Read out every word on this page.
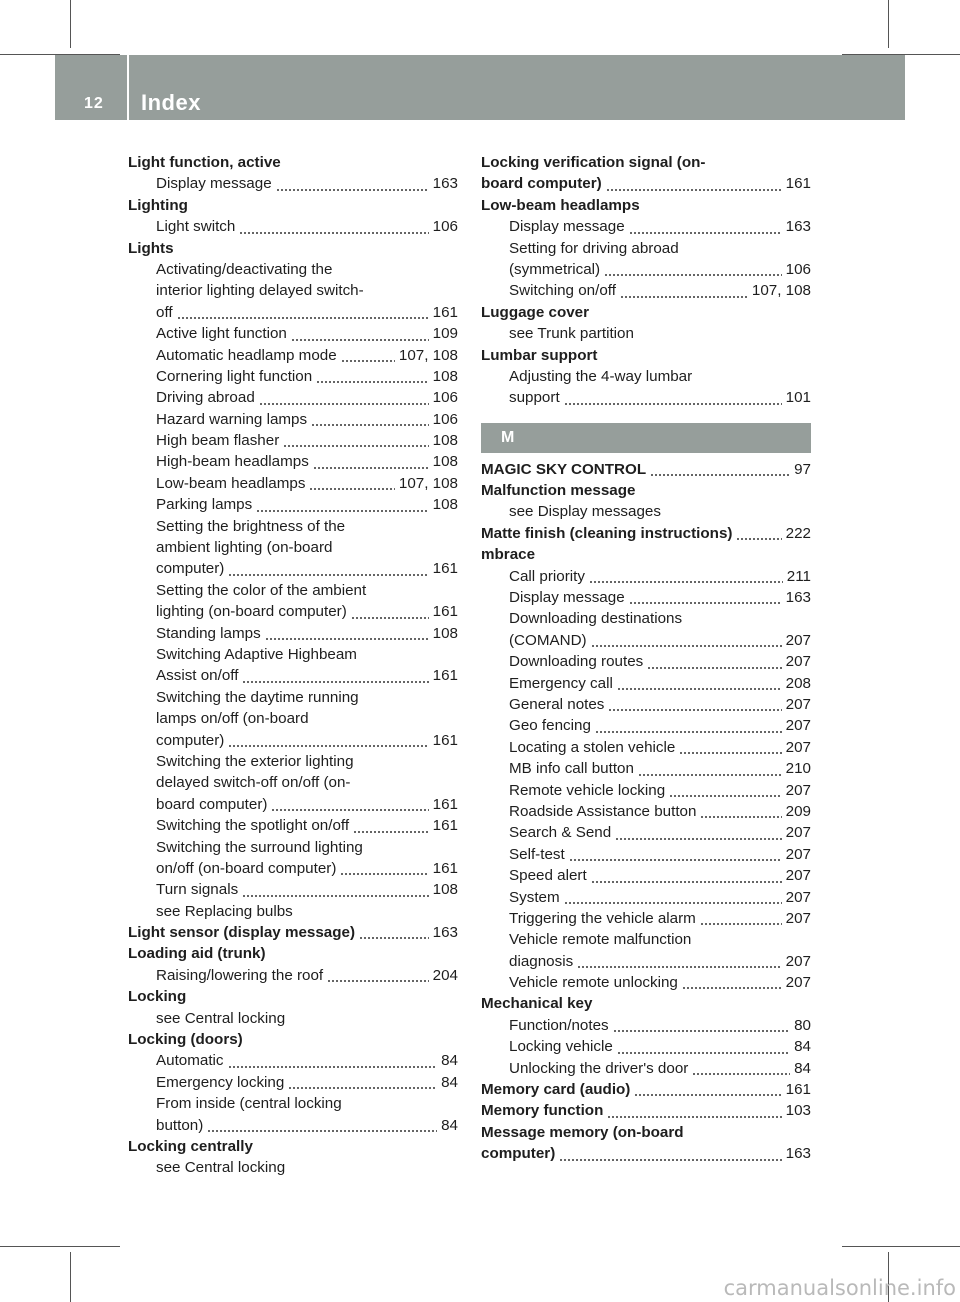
12 Index
Light function, active
Display message	163
Lighting
Light switch	106
Lights
Activating/deactivating the
interior lighting delayed switch-
off	161
Active light function	109
Automatic headlamp mode	107, 108
Cornering light function	108
Driving abroad	106
Hazard warning lamps	106
High beam flasher	108
High-beam headlamps	108
Low-beam headlamps	107, 108
Parking lamps	108
Setting the brightness of the
ambient lighting (on-board
computer)	161
Setting the color of the ambient
lighting (on-board computer)	161
Standing lamps	108
Switching Adaptive Highbeam
Assist on/off	161
Switching the daytime running
lamps on/off (on-board
computer)	161
Switching the exterior lighting
delayed switch-off on/off (on-
board computer)	161
Switching the spotlight on/off	161
Switching the surround lighting
on/off (on-board computer)	161
Turn signals	108
see Replacing bulbs
Light sensor (display message)	163
Loading aid (trunk)
Raising/lowering the roof	204
Locking
see Central locking
Locking (doors)
Automatic	84
Emergency locking	84
From inside (central locking
button)	84
Locking centrally
see Central locking
Locking verification signal (on-
board computer)	161
Low-beam headlamps
Display message	163
Setting for driving abroad
(symmetrical)	106
Switching on/off	107, 108
Luggage cover
see Trunk partition
Lumbar support
Adjusting the 4-way lumbar
support	101
M
MAGIC SKY CONTROL	97
Malfunction message
see Display messages
Matte finish (cleaning instructions)	222
mbrace
Call priority	211
Display message	163
Downloading destinations
(COMAND)	207
Downloading routes	207
Emergency call	208
General notes	207
Geo fencing	207
Locating a stolen vehicle	207
MB info call button	210
Remote vehicle locking	207
Roadside Assistance button	209
Search & Send	207
Self-test	207
Speed alert	207
System	207
Triggering the vehicle alarm	207
Vehicle remote malfunction
diagnosis	207
Vehicle remote unlocking	207
Mechanical key
Function/notes	80
Locking vehicle	84
Unlocking the driver's door	84
Memory card (audio)	161
Memory function	103
Message memory (on-board
computer)	163
carmanualsonline.info
